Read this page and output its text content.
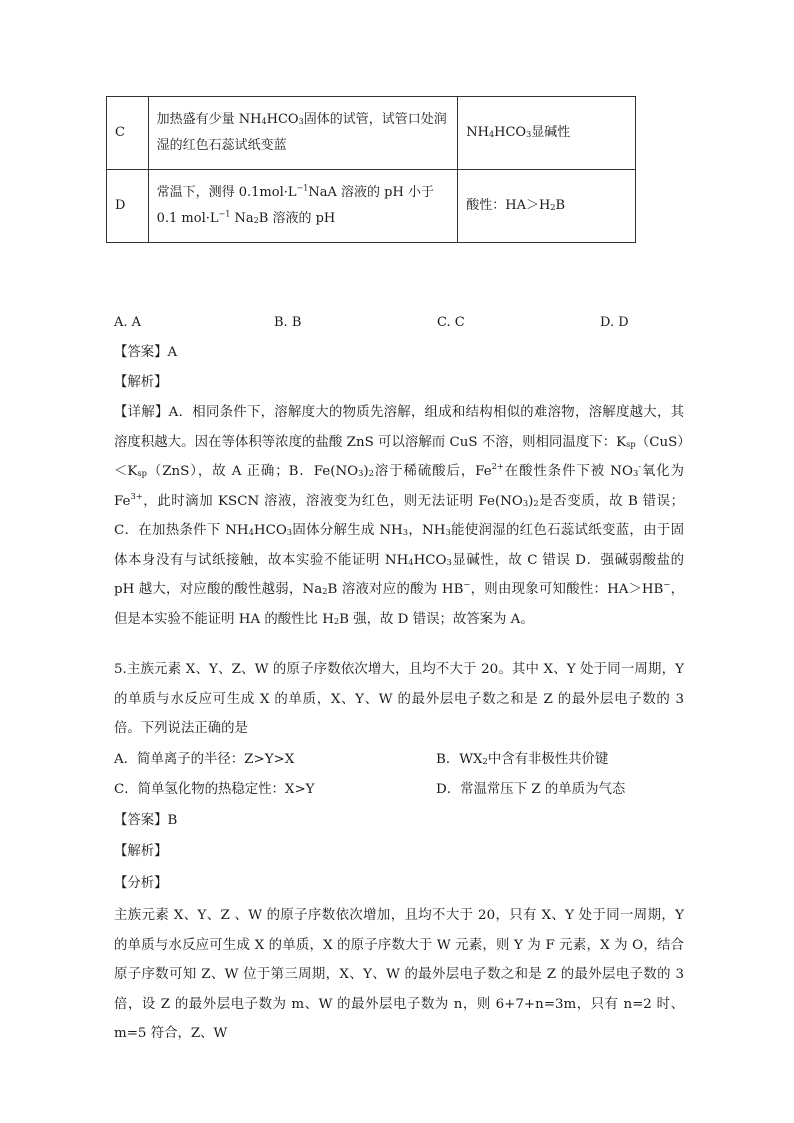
C	加热盛有少量 $NH_4HCO_3$固体的试管，试管口处润湿的红色石蕊试纸变蓝	$NH_4HCO_3$显碱性
D	常温下，测得 $0.1mol\cdot L^{-1}NaA$ 溶液的 pH 小于 0.1 $mol\cdot L^{-1}$ $Na_2B$ 溶液的 pH	酸性：$HA>H_2B$
A. A	B. B	C. C	D. D
【答案】A
【解析】

【详解】A．相同条件下，溶解度大的物质先溶解，组成和结构相似的难溶物，溶解度越大，其溶度积越大。因在等体积等浓度的盐酸 ZnS 可以溶解而 CuS 不溶，则相同温度下：$K_{sp}(CuS)<K_{sp}(ZnS)$，故 A 正确；B．$Fe(NO_3)_2$溶于稀硫酸后，$Fe^{2+}$在酸性条件下被 $NO_3^-$氧化为 $Fe^{3+}$，此时滴加 KSCN 溶液，溶液变为红色，则无法证明 $Fe(NO_3)_2$是否变质，故 B 错误；C．在加热条件下 $NH_4HCO_3$固体分解生成 $NH_3$，$NH_3$能使润湿的红色石蕊试纸变蓝，由于固体本身没有与试纸接触，故本实验不能证明 $NH_4HCO_3$显碱性，故 C 错误 D．强碱弱酸盐的 pH 越大，对应酸的酸性越弱，$Na_2B$ 溶液对应的酸为 HB−，则由现象可知酸性：HA＞HB−，但是本实验不能证明 HA 的酸性比 $H_2B$ 强，故 D 错误；故答案为 A。

5.主族元素 X、Y、Z、W 的原子序数依次增大，且均不大于 20。其中 X、Y 处于同一周期，Y 的单质与水反应可生成 X 的单质，X、Y、W 的最外层电子数之和是 Z 的最外层电子数的 3 倍。下列说法正确的是

A．简单离子的半径：Z>Y>X	B．$WX_2$中含有非极性共价键
C．简单氢化物的热稳定性：X>Y	D．常温常压下 Z 的单质为气态
【答案】B
【解析】
【分析】

主族元素 X、Y、Z 、W 的原子序数依次增加，且均不大于 20，只有 X、Y 处于同一周期，Y 的单质与水反应可生成 X 的单质，X 的原子序数大于 W 元素，则 Y 为 F 元素，X 为 O，结合原子序数可知 Z、W 位于第三周期，X、Y、W 的最外层电子数之和是 Z 的最外层电子数的 3 倍，设 Z 的最外层电子数为 m、W 的最外层电子数为 n，则 6+7+n=3m，只有 n=2 时、m=5 符合，Z、W
